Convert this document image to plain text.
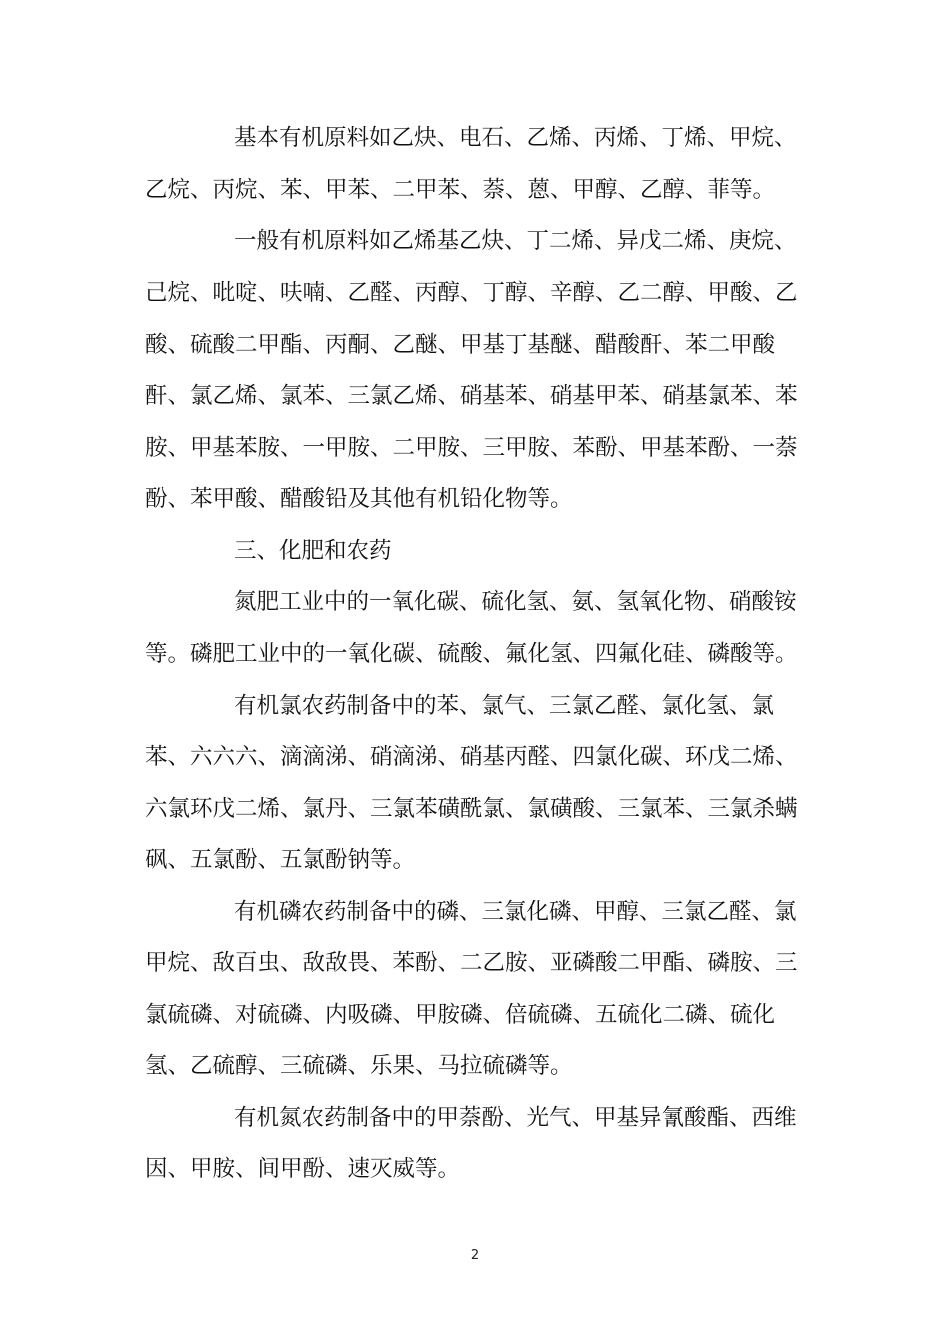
基本有机原料如乙炔、电石、乙烯、丙烯、丁烯、甲烷、
乙烷、丙烷、苯、甲苯、二甲苯、萘、蒽、甲醇、乙醇、菲等。
一般有机原料如乙烯基乙炔、丁二烯、异戊二烯、庚烷、
己烷、吡啶、呋喃、乙醛、丙醇、丁醇、辛醇、乙二醇、甲酸、乙
酸、硫酸二甲酯、丙酮、乙醚、甲基丁基醚、醋酸酐、苯二甲酸
酐、氯乙烯、氯苯、三氯乙烯、硝基苯、硝基甲苯、硝基氯苯、苯
胺、甲基苯胺、一甲胺、二甲胺、三甲胺、苯酚、甲基苯酚、一萘
酚、苯甲酸、醋酸铅及其他有机铅化物等。
三、化肥和农药
氮肥工业中的一氧化碳、硫化氢、氨、氢氧化物、硝酸铵
等。磷肥工业中的一氧化碳、硫酸、氟化氢、四氟化硅、磷酸等。
有机氯农药制备中的苯、氯气、三氯乙醛、氯化氢、氯
苯、六六六、滴滴涕、硝滴涕、硝基丙醛、四氯化碳、环戊二烯、
六氯环戊二烯、氯丹、三氯苯磺酰氯、氯磺酸、三氯苯、三氯杀螨
砜、五氯酚、五氯酚钠等。
有机磷农药制备中的磷、三氯化磷、甲醇、三氯乙醛、氯
甲烷、敌百虫、敌敌畏、苯酚、二乙胺、亚磷酸二甲酯、磷胺、三
氯硫磷、对硫磷、内吸磷、甲胺磷、倍硫磷、五硫化二磷、硫化
氢、乙硫醇、三硫磷、乐果、马拉硫磷等。
有机氮农药制备中的甲萘酚、光气、甲基异氰酸酯、西维
因、甲胺、间甲酚、速灭威等。
2
